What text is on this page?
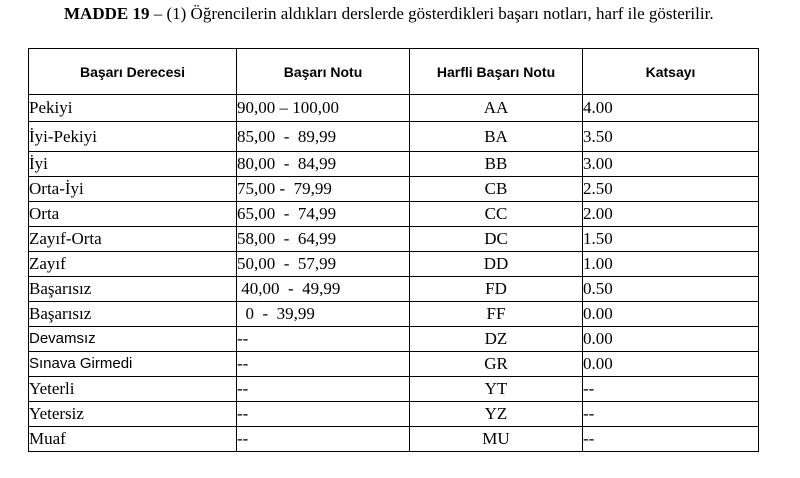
MADDE 19 – (1) Öğrencilerin aldıkları derslerde gösterdikleri başarı notları, harf ile gösterilir.
Başarı Derecesi	Başarı Notu	Harfli Başarı Notu	Katsayı
Pekiyi	90,00 – 100,00	AA	4.00
İyi-Pekiyi	85,00  -  89,99	BA	3.50
İyi	80,00  -  84,99	BB	3.00
Orta-İyi	75,00 -  79,99	CB	2.50
Orta	65,00  -  74,99	CC	2.00
Zayıf-Orta	58,00  -  64,99	DC	1.50
Zayıf	50,00  -  57,99	DD	1.00
Başarısız	40,00  -  49,99	FD	0.50
Başarısız	0  -  39,99	FF	0.00
Devamsız	--	DZ	0.00
Sınava Girmedi	--	GR	0.00
Yeterli	--	YT	--
Yetersiz	--	YZ	--
Muaf	--	MU	--
